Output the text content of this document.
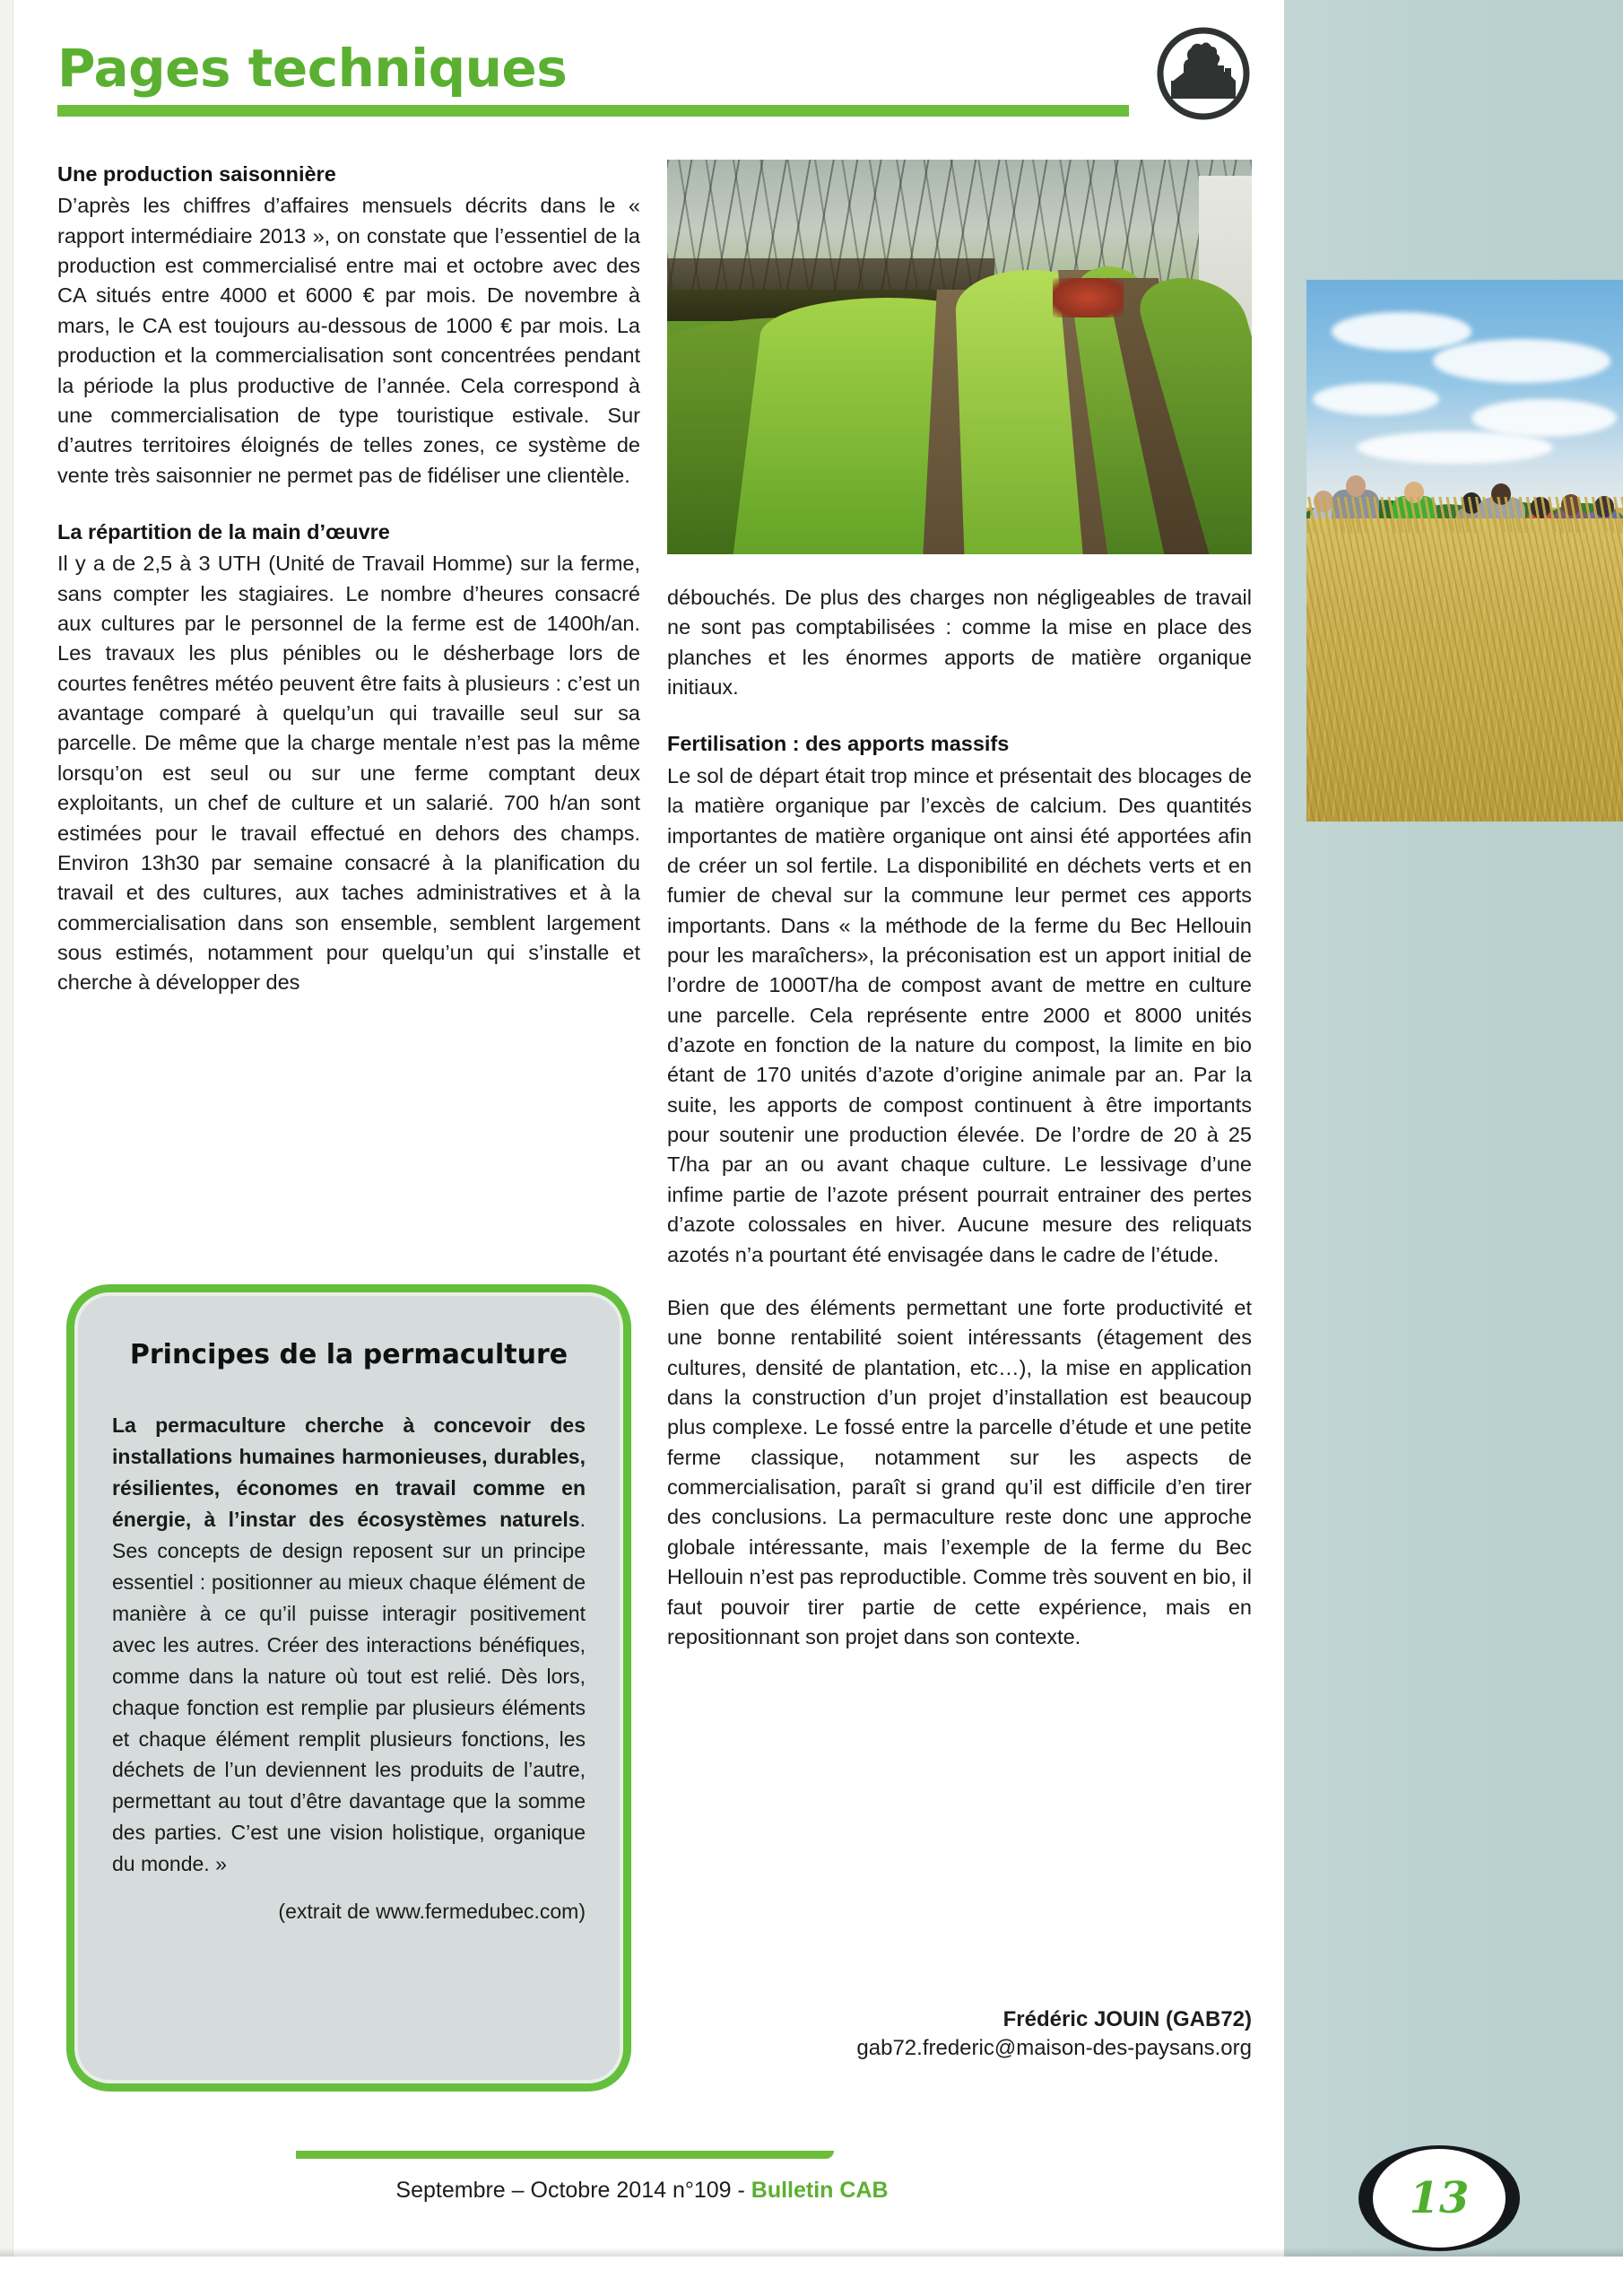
Pages techniques
Une production saisonnière

D’après les chiffres d’affaires mensuels décrits dans le « rapport intermédiaire 2013 », on constate que l’essentiel de la production est commercialisé entre mai et octobre avec des CA situés entre 4000 et 6000 € par mois. De novembre à mars, le CA est toujours au-dessous de 1000 € par mois. La production et la commercialisation sont concentrées pendant la période la plus productive de l’année. Cela correspond à une commercialisation de type touristique estivale. Sur d’autres territoires éloignés de telles zones, ce système de vente très saisonnier ne permet pas de fidéliser une clientèle.

La répartition de la main d’œuvre

Il y a de 2,5 à 3 UTH (Unité de Travail Homme) sur la ferme, sans compter les stagiaires. Le nombre d’heures consacré aux cultures par le personnel de la ferme est de 1400h/an. Les travaux les plus pénibles ou le désherbage lors de courtes fenêtres météo peuvent être faits à plusieurs : c’est un avantage comparé à quelqu’un qui travaille seul sur sa parcelle. De même que la charge mentale n’est pas la même lorsqu’on est seul ou sur une ferme comptant deux exploitants, un chef de culture et un salarié. 700 h/an sont estimées pour le travail effectué en dehors des champs. Environ 13h30 par semaine consacré à la planification du travail et des cultures, aux taches administratives et à la commercialisation dans son ensemble, semblent largement sous estimés, notamment pour quelqu’un qui s’installe et cherche à développer des

Principes de la permaculture
La permaculture cherche à concevoir des installations humaines harmonieuses, durables, résilientes, économes en travail comme en énergie, à l’instar des écosystèmes naturels. Ses concepts de design reposent sur un principe essentiel : positionner au mieux chaque élément de manière à ce qu’il puisse interagir positivement avec les autres. Créer des interactions bénéfiques, comme dans la nature où tout est relié. Dès lors, chaque fonction est remplie par plusieurs éléments et chaque élément remplit plusieurs fonctions, les déchets de l’un deviennent les produits de l’autre, permettant au tout d’être davantage que la somme des parties. C’est une vision holistique, organique du monde. »
(extrait de www.fermedubec.com)

débouchés. De plus des charges non négligeables de travail ne sont pas comptabilisées : comme la mise en place des planches et les énormes apports de matière organique initiaux.

Fertilisation : des apports massifs

Le sol de départ était trop mince et présentait des blocages de la matière organique par l’excès de calcium. Des quantités importantes de matière organique ont ainsi été apportées afin de créer un sol fertile. La disponibilité en déchets verts et en fumier de cheval sur la commune leur permet ces apports importants. Dans « la méthode de la ferme du Bec Hellouin pour les maraîchers», la préconisation est un apport initial de l’ordre de 1000T/ha de compost avant de mettre en culture une parcelle. Cela représente entre 2000 et 8000 unités d’azote en fonction de la nature du compost, la limite en bio étant de 170 unités d’azote d’origine animale par an. Par la suite, les apports de compost continuent à être importants pour soutenir une production élevée. De l’ordre de 20 à 25 T/ha par an ou avant chaque culture. Le lessivage d’une infime partie de l’azote présent pourrait entrainer des pertes d’azote colossales en hiver. Aucune mesure des reliquats azotés n’a pourtant été envisagée dans le cadre de l’étude.

Bien que des éléments permettant une forte productivité et une bonne rentabilité soient intéressants (étagement des cultures, densité de plantation, etc…), la mise en application dans la construction d’un projet d’installation est beaucoup plus complexe. Le fossé entre la parcelle d’étude et une petite ferme classique, notamment sur les aspects de commercialisation, paraît si grand qu’il est difficile d’en tirer des conclusions. La permaculture reste donc une approche globale intéressante, mais l’exemple de la ferme du Bec Hellouin n’est pas reproductible. Comme très souvent en bio, il faut pouvoir tirer partie de cette expérience, mais en repositionnant son projet dans son contexte.

Frédéric JOUIN (GAB72)
gab72.frederic@maison-des-paysans.org
Septembre – Octobre 2014 n°109 - Bulletin CAB	13
